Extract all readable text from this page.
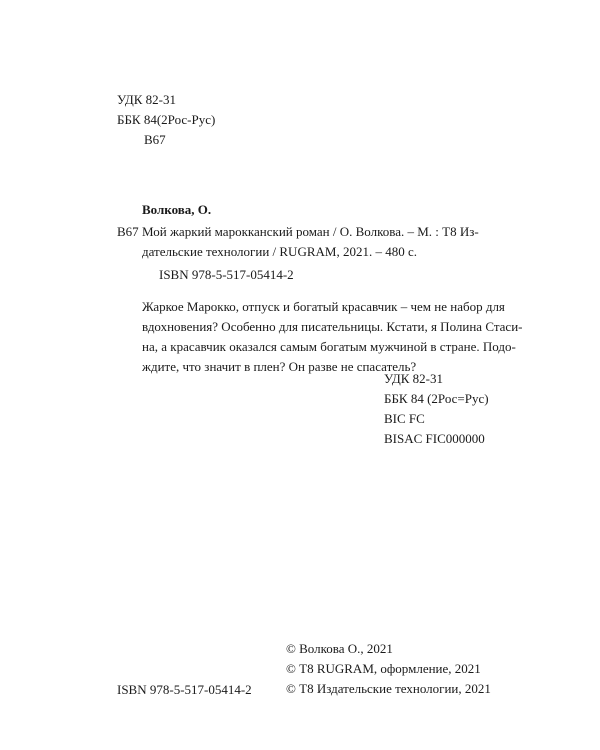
УДК 82-31
ББК 84(2Рос-Рус)
В67
Волкова, О.
В67 Мой жаркий марокканский роман / О. Волкова. – М. : Т8 Из-
дательские технологии / RUGRAM, 2021. – 480 с.
ISBN 978-5-517-05414-2
Жаркое Марокко, отпуск и богатый красавчик – чем не набор для
вдохновения? Особенно для писательницы. Кстати, я Полина Стаси-
на, а красавчик оказался самым богатым мужчиной в стране. Подо-
ждите, что значит в плен? Он разве не спасатель?
УДК 82-31
ББК 84 (2Рос=Рус)
BIC FC
BISAC FIC000000
© Волкова О., 2021
© Т8 RUGRAM, оформление, 2021
© Т8 Издательские технологии, 2021
ISBN 978-5-517-05414-2
